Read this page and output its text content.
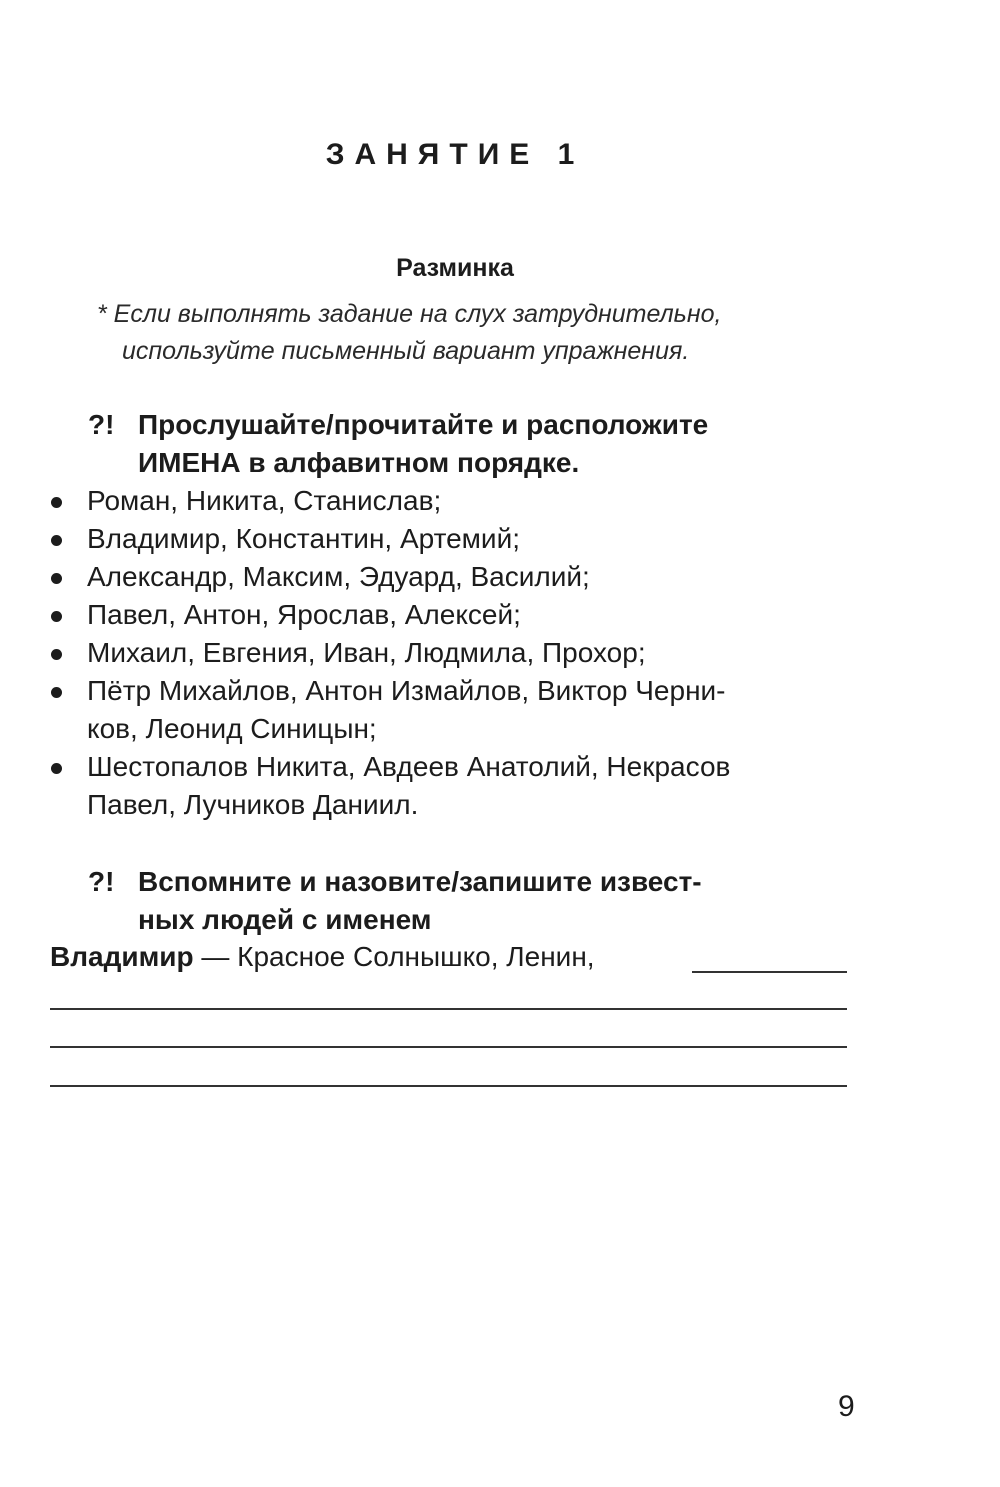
ЗАНЯТИЕ 1
Разминка
* Если выполнять задание на слух затруднительно,
используйте письменный вариант упражнения.
?! Прослушайте/прочитайте и расположите
ИМЕНА в алфавитном порядке.
Роман, Никита, Станислав;
Владимир, Константин, Артемий;
Александр, Максим, Эдуард, Василий;
Павел, Антон, Ярослав, Алексей;
Михаил, Евгения, Иван, Людмила, Прохор;
Пётр Михайлов, Антон Измайлов, Виктор Черни-
ков, Леонид Синицын;
Шестопалов Никита, Авдеев Анатолий, Некрасов
Павел, Лучников Даниил.
?! Вспомните и назовите/запишите извест-
ных людей с именем
Владимир — Красное Солнышко, Ленин,
9
